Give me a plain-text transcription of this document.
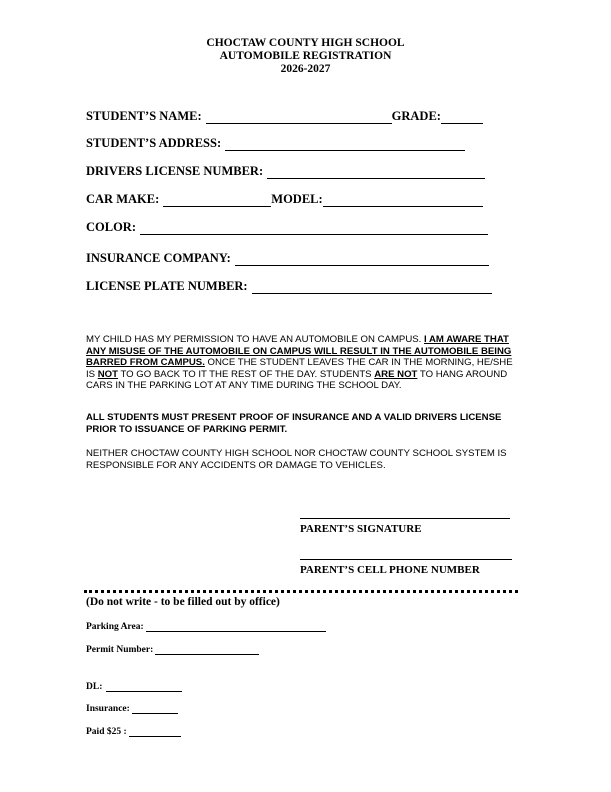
CHOCTAW COUNTY HIGH SCHOOL
AUTOMOBILE REGISTRATION
2026-2027
STUDENT’S NAME:	GRADE:
STUDENT’S ADDRESS:
DRIVERS LICENSE NUMBER:
CAR MAKE:	MODEL:
COLOR:
INSURANCE COMPANY:
LICENSE PLATE NUMBER:
MY CHILD HAS MY PERMISSION TO HAVE AN AUTOMOBILE ON CAMPUS. I AM AWARE THAT ANY MISUSE OF THE AUTOMOBILE ON CAMPUS WILL RESULT IN THE AUTOMOBILE BEING BARRED FROM CAMPUS. ONCE THE STUDENT LEAVES THE CAR IN THE MORNING, HE/SHE IS NOT TO GO BACK TO IT THE REST OF THE DAY. STUDENTS ARE NOT TO HANG AROUND CARS IN THE PARKING LOT AT ANY TIME DURING THE SCHOOL DAY.
ALL STUDENTS MUST PRESENT PROOF OF INSURANCE AND A VALID DRIVERS LICENSE PRIOR TO ISSUANCE OF PARKING PERMIT.
NEITHER CHOCTAW COUNTY HIGH SCHOOL NOR CHOCTAW COUNTY SCHOOL SYSTEM IS RESPONSIBLE FOR ANY ACCIDENTS OR DAMAGE TO VEHICLES.
PARENT’S SIGNATURE
PARENT’S CELL PHONE NUMBER
(Do not write - to be filled out by office)
Parking Area:
Permit Number:
DL:
Insurance:
Paid $25 :
